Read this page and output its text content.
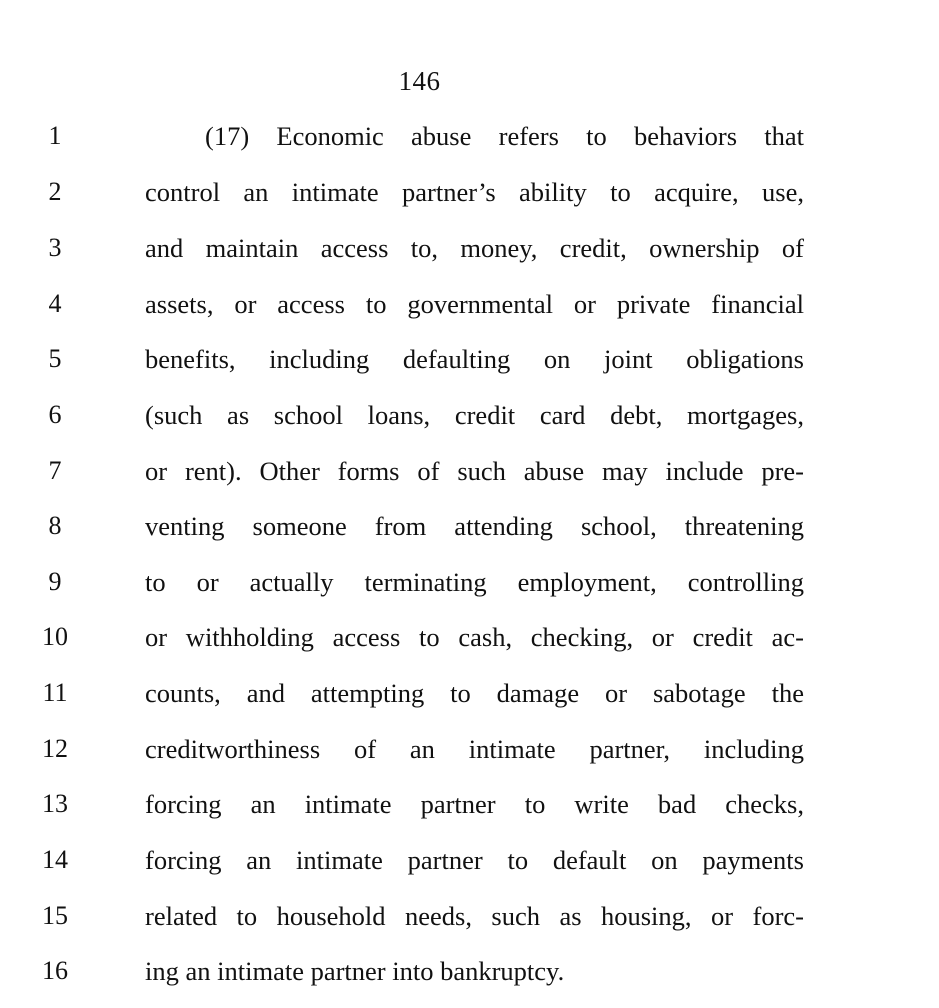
146
1	(17) Economic abuse refers to behaviors that
2	control an intimate partner’s ability to acquire, use,
3	and maintain access to, money, credit, ownership of
4	assets, or access to governmental or private financial
5	benefits, including defaulting on joint obligations
6	(such as school loans, credit card debt, mortgages,
7	or rent). Other forms of such abuse may include pre-
8	venting someone from attending school, threatening
9	to or actually terminating employment, controlling
10	or withholding access to cash, checking, or credit ac-
11	counts, and attempting to damage or sabotage the
12	creditworthiness of an intimate partner, including
13	forcing an intimate partner to write bad checks,
14	forcing an intimate partner to default on payments
15	related to household needs, such as housing, or forc-
16	ing an intimate partner into bankruptcy.
